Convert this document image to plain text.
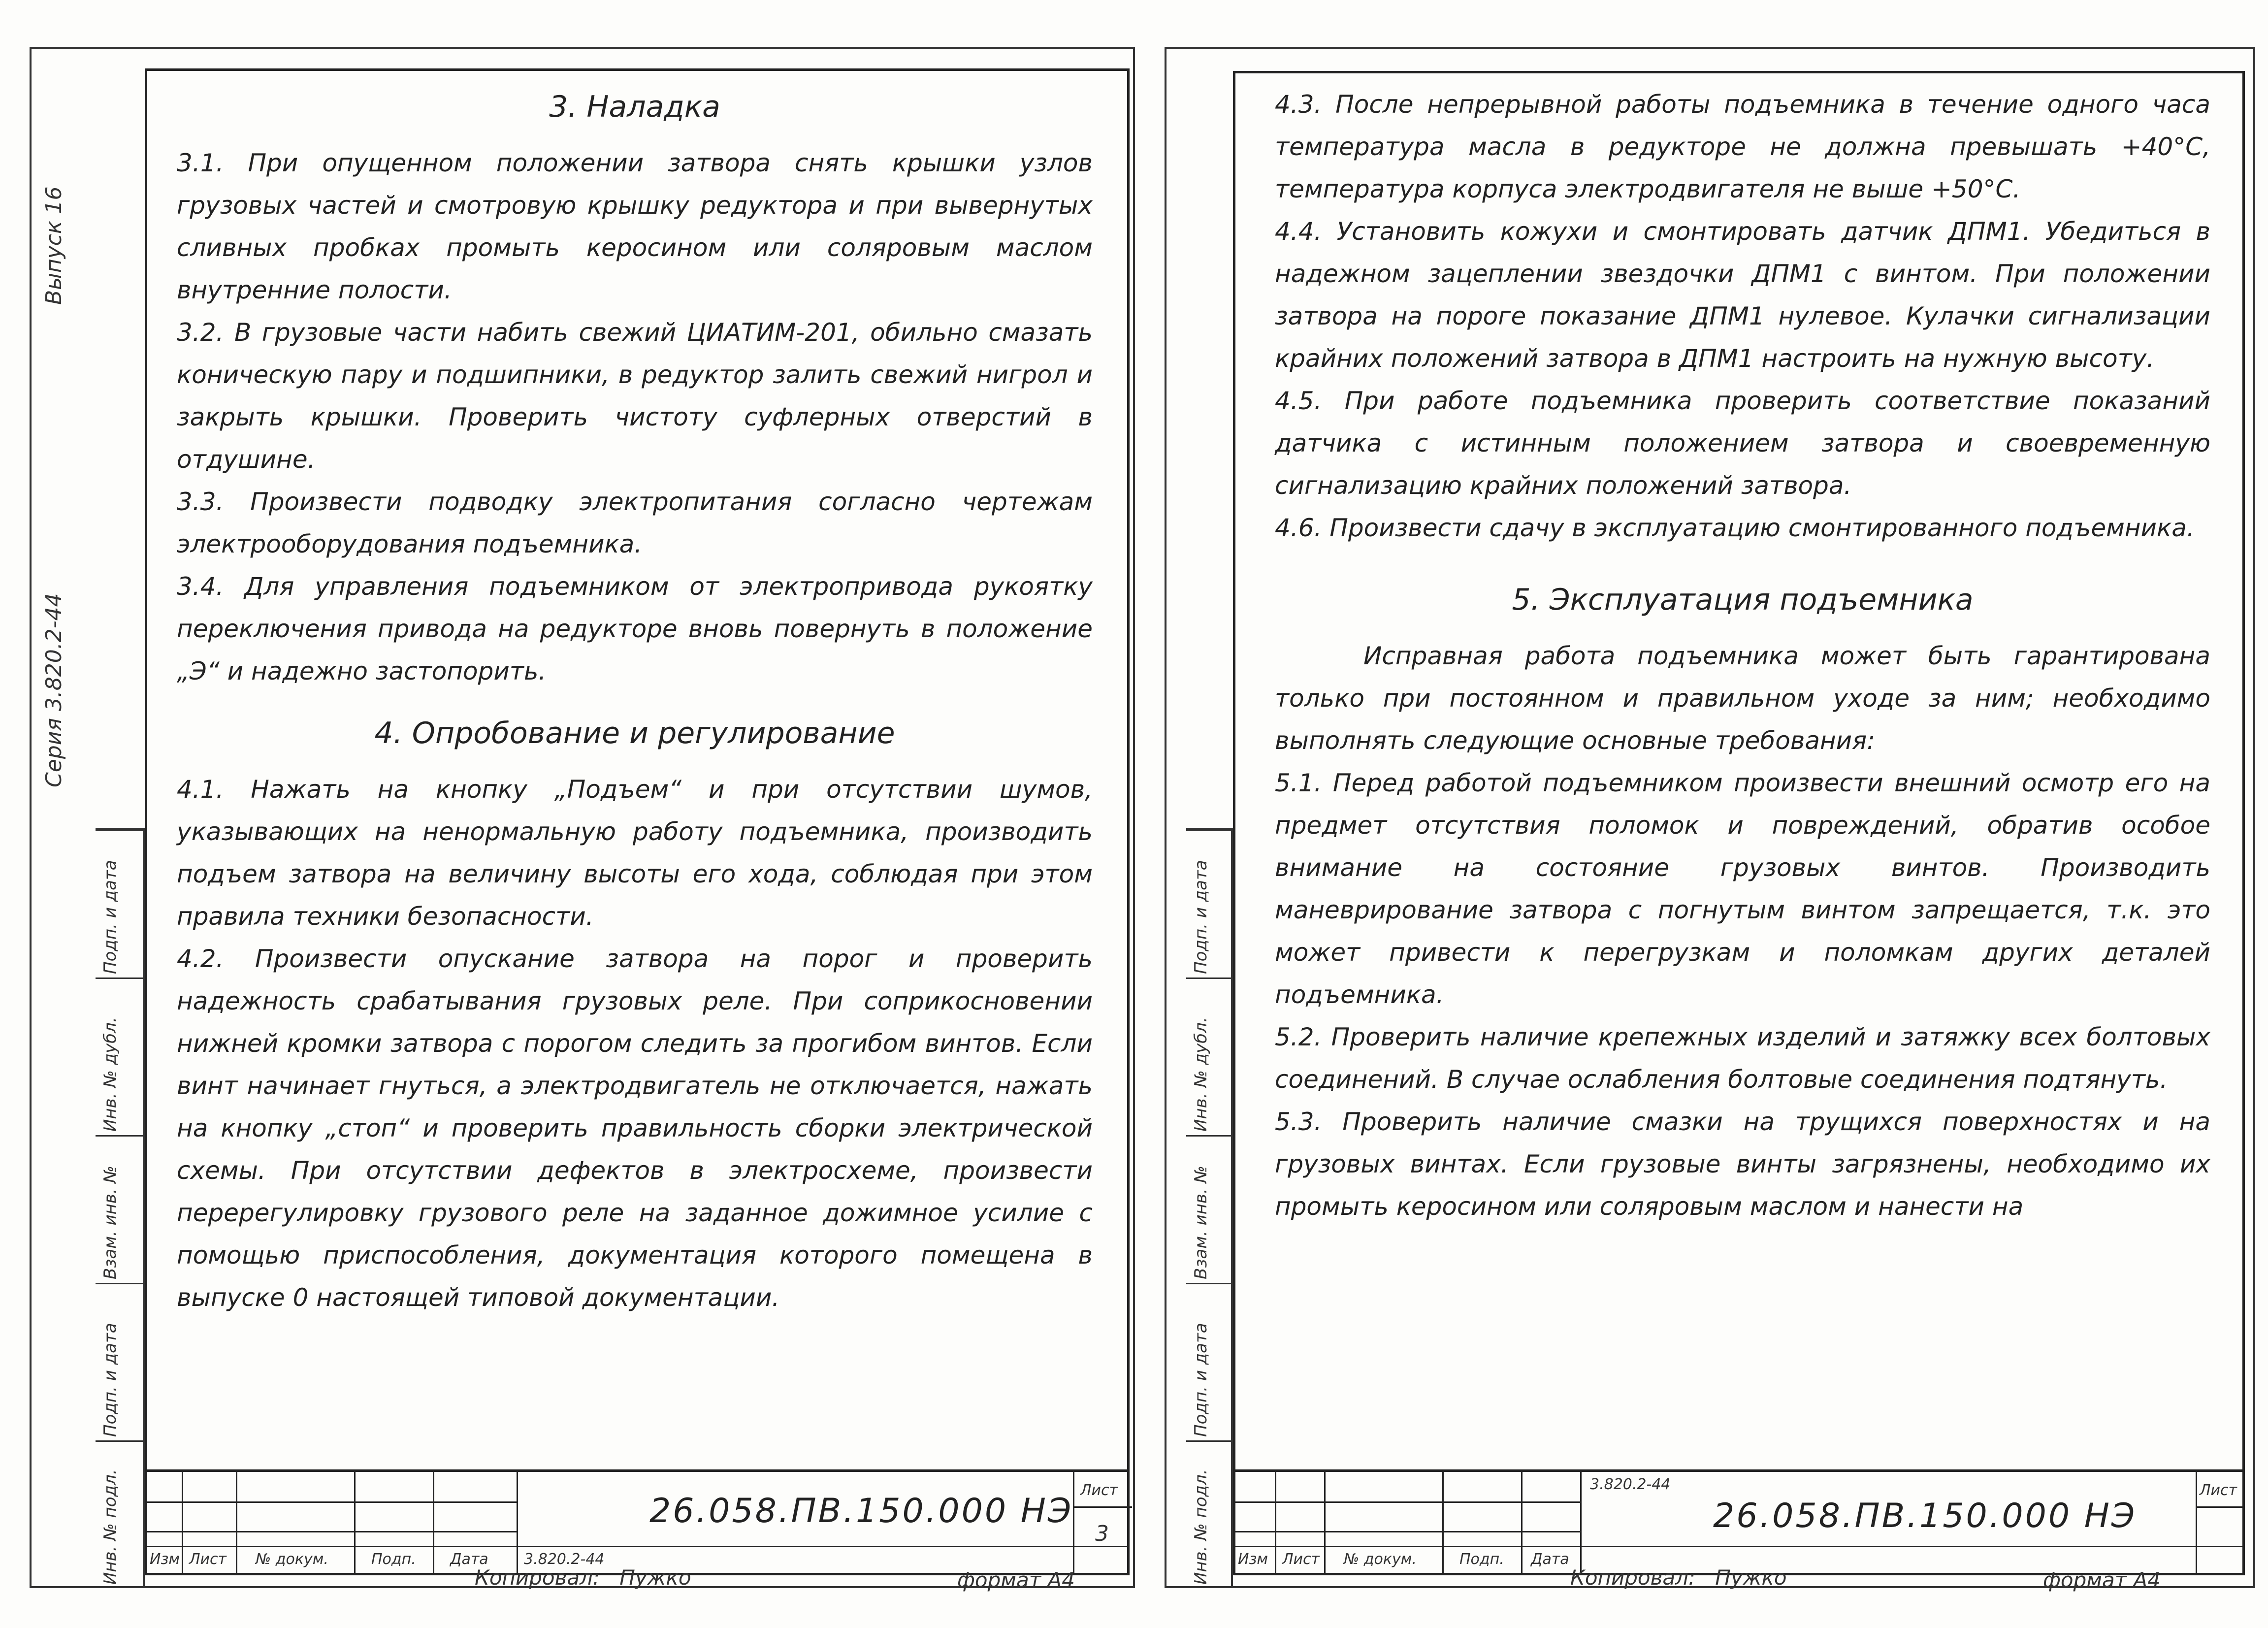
Выпуск 16
Серия 3.820.2-44
Подп. и дата
Инв. № дубл.
Взам. инв. №
Подп. и дата
Инв. № подл.

3. Наладка

3.1. При опущенном положении затвора снять крышки узлов грузовых частей и смотровую крышку редуктора и при вывернутых сливных пробках промыть керосином или соляровым маслом внутренние полости.

3.2. В грузовые части набить свежий ЦИАТИМ-201, обильно смазать коническую пару и подшипники, в редуктор залить свежий нигрол и закрыть крышки. Проверить чистоту суфлерных отверстий в отдушине.

3.3. Произвести подводку электропитания согласно чертежам электрооборудования подъемника.

3.4. Для управления подъемником от электропривода рукоятку переключения привода на редукторе вновь повернуть в положение „Э“ и надежно застопорить.

4. Опробование и регулирование

4.1. Нажать на кнопку „Подъем“ и при отсутствии шумов, указывающих на ненормальную работу подъемника, производить подъем затвора на величину высоты его хода, соблюдая при этом правила техники безопасности.

4.2. Произвести опускание затвора на порог и проверить надежность срабатывания грузовых реле. При соприкосновении нижней кромки затвора с порогом следить за прогибом винтов. Если винт начинает гнуться, а электродвигатель не отключается, нажать на кнопку „стоп“ и проверить правильность сборки электрической схемы. При отсутствии дефектов в электросхеме, произвести перерегулировку грузового реле на заданное дожимное усилие с помощью приспособления, документация которого помещена в выпуске 0 настоящей типовой документации.

Изм Лист № докум.	Подп. Дата 3.820.2-44
26.058.ПВ.150.000 НЭ
Лист
3
Копировал: Пужко	формат А4
Подп. и дата
Инв. № дубл.
Взам. инв. №
Подп. и дата
Инв. № подл.

4.3. После непрерывной работы подъемника в течение одного часа температура масла в редукторе не должна превышать +40°С, температура корпуса электродвигателя не выше +50°С.

4.4. Установить кожухи и смонтировать датчик ДПМ1. Убедиться в надежном зацеплении звездочки ДПМ1 с винтом. При положении затвора на пороге показание ДПМ1 нулевое. Кулачки сигнализации крайних положений затвора в ДПМ1 настроить на нужную высоту.

4.5. При работе подъемника проверить соответствие показаний датчика с истинным положением затвора и своевременную сигнализацию крайних положений затвора.

4.6. Произвести сдачу в эксплуатацию смонтированного подъемника.

5. Эксплуатация подъемника

Исправная работа подъемника может быть гарантирована только при постоянном и правильном уходе за ним; необходимо выполнять следующие основные требования:

5.1. Перед работой подъемником произвести внешний осмотр его на предмет отсутствия поломок и повреждений, обратив особое внимание на состояние грузовых винтов. Производить маневрирование затвора с погнутым винтом запрещается, т.к. это может привести к перегрузкам и поломкам других деталей подъемника.

5.2. Проверить наличие крепежных изделий и затяжку всех болтовых соединений. В случае ослабления болтовые соединения подтянуть.

5.3. Проверить наличие смазки на трущихся поверхностях и на грузовых винтах. Если грузовые винты загрязнены, необходимо их промыть керосином или соляровым маслом и нанести на

Изм Лист № докум.	Подп. Дата
3.820.2-44
26.058.ПВ.150.000 НЭ
Лист
Копировал: Пужко	формат А4
